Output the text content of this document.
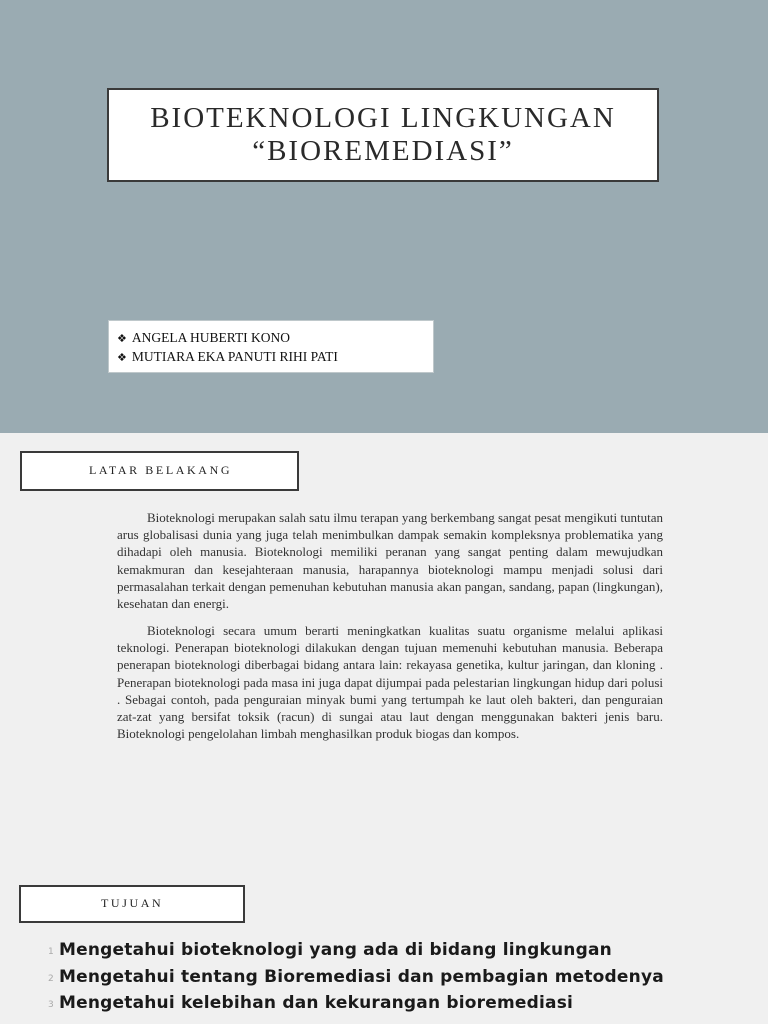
BIOTEKNOLOGI LINGKUNGAN
“BIOREMEDIASI”
❖ ANGELA HUBERTI KONO
❖ MUTIARA EKA PANUTI RIHI PATI
LATAR BELAKANG

Bioteknologi merupakan salah satu ilmu terapan yang berkembang sangat pesat mengikuti tuntutan arus globalisasi dunia yang juga telah menimbulkan dampak semakin kompleksnya problematika yang dihadapi oleh manusia. Bioteknologi memiliki peranan yang sangat penting dalam mewujudkan kemakmuran dan kesejahteraan manusia, harapannya bioteknologi mampu menjadi solusi dari permasalahan terkait dengan pemenuhan kebutuhan manusia akan pangan, sandang, papan (lingkungan), kesehatan dan energi.

Bioteknologi secara umum berarti meningkatkan kualitas suatu organisme melalui aplikasi teknologi. Penerapan bioteknologi dilakukan dengan tujuan memenuhi kebutuhan manusia. Beberapa penerapan bioteknologi diberbagai bidang antara lain: rekayasa genetika, kultur jaringan, dan kloning . Penerapan bioteknologi pada masa ini juga dapat dijumpai pada pelestarian lingkungan hidup dari polusi . Sebagai contoh, pada penguraian minyak bumi yang tertumpah ke laut oleh bakteri, dan penguraian zat-zat yang bersifat toksik (racun) di sungai atau laut dengan menggunakan bakteri jenis baru. Bioteknologi pengelolahan limbah menghasilkan produk biogas dan kompos.

TUJUAN
1 Mengetahui bioteknologi yang ada di bidang lingkungan
2 Mengetahui tentang Bioremediasi dan pembagian metodenya
3 Mengetahui kelebihan dan kekurangan bioremediasi
